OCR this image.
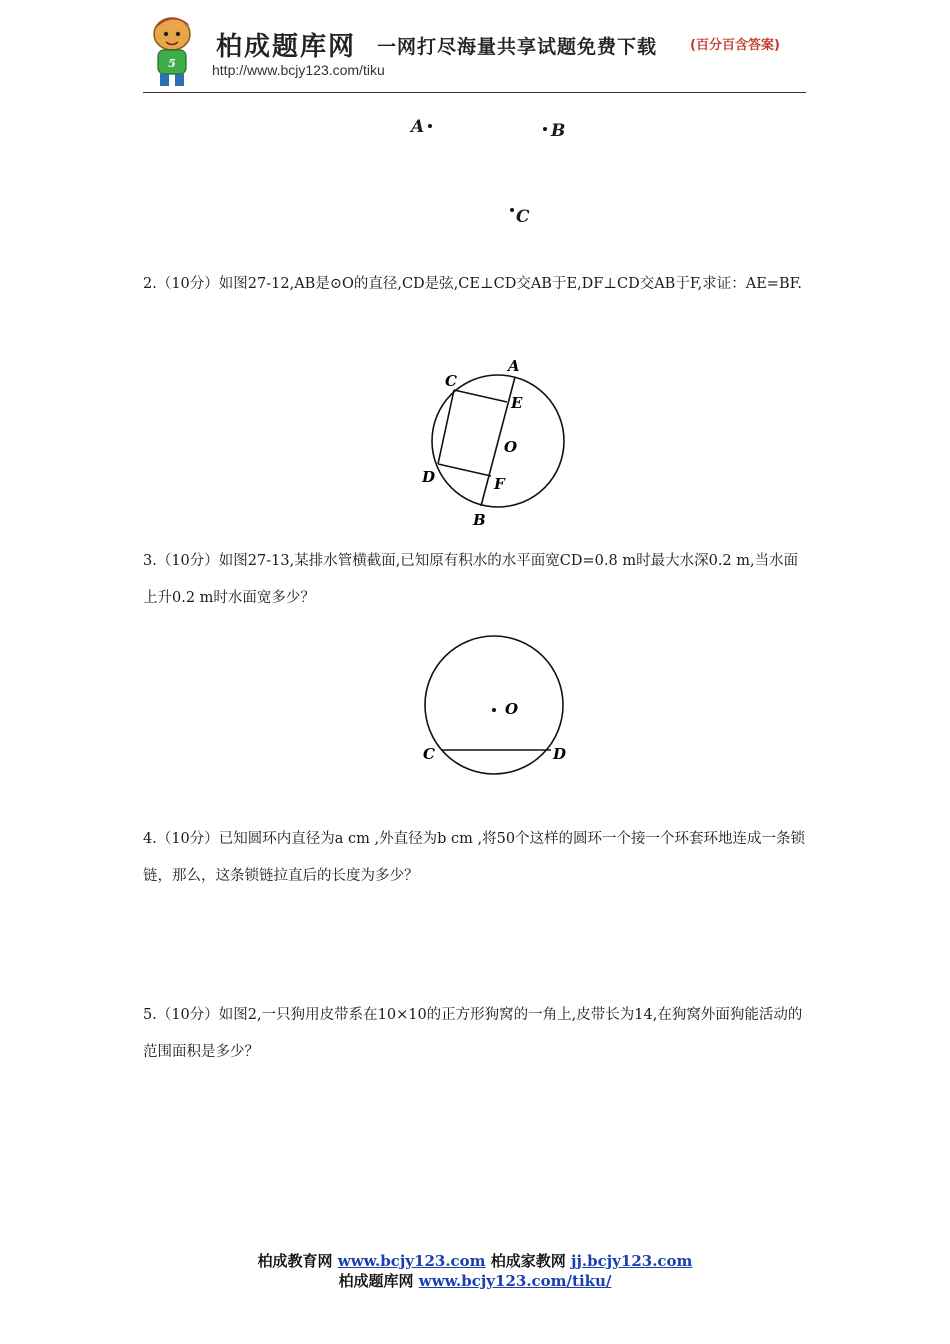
5
柏成题库网 一网打尽海量共享试题免费下载	(百分百含答案)
http://www.bcjy123.com/tiku
A	B
C
2.（10分）如图27-12,AB是⊙O的直径,CD是弦,CE⊥CD交AB于E,DF⊥CD交AB于F,求证：AE=BF.
A
C
E
O
D	F
B
3.（10分）如图27-13,某排水管横截面,已知原有积水的水平面宽CD=0.8 m时最大水深0.2 m,当水面上升0.2 m时水面宽多少？
O
C	D
4.（10分）已知圆环内直径为a cm ,外直径为b cm ,将50个这样的圆环一个接一个环套环地连成一条锁链，那么，这条锁链拉直后的长度为多少？
5.（10分）如图2,一只狗用皮带系在10×10的正方形狗窝的一角上,皮带长为14,在狗窝外面狗能活动的范围面积是多少？
柏成教育网 www.bcjy123.com 柏成家教网 jj.bcjy123.com
柏成题库网 www.bcjy123.com/tiku/
